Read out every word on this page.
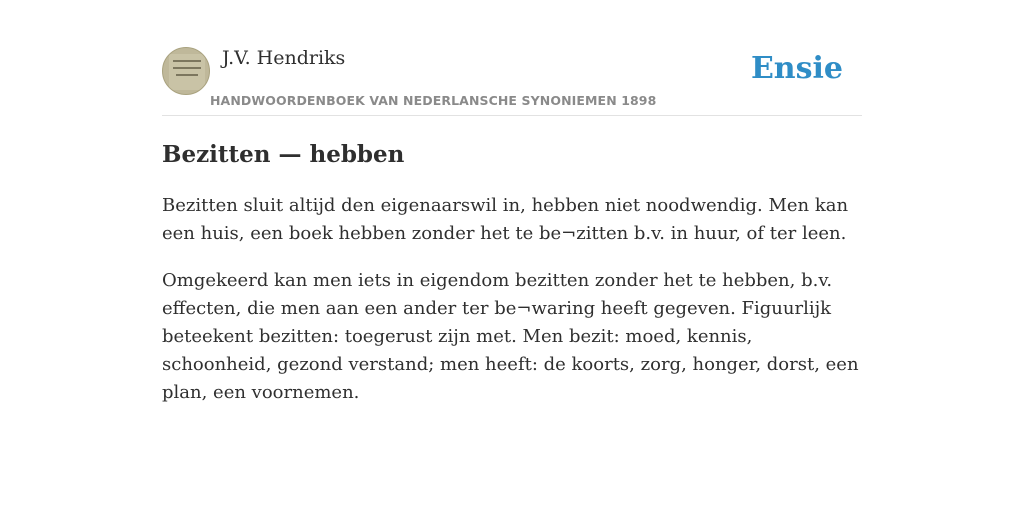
J.V. Hendriks
HANDWOORDENBOEK VAN NEDERLANSCHE SYNONIEMEN 1898
Ensie
Bezitten — hebben

Bezitten sluit altijd den eigenaarswil in, hebben niet noodwendig. Men kan een huis, een boek hebben zonder het te be¬zitten b.v. in huur, of ter leen.

Omgekeerd kan men iets in eigendom bezitten zonder het te hebben, b.v. effecten, die men aan een ander ter be¬waring heeft gegeven. Figuurlijk beteekent bezitten: toegerust zijn met. Men bezit: moed, kennis, schoonheid, gezond verstand; men heeft: de koorts, zorg, honger, dorst, een plan, een voornemen.
